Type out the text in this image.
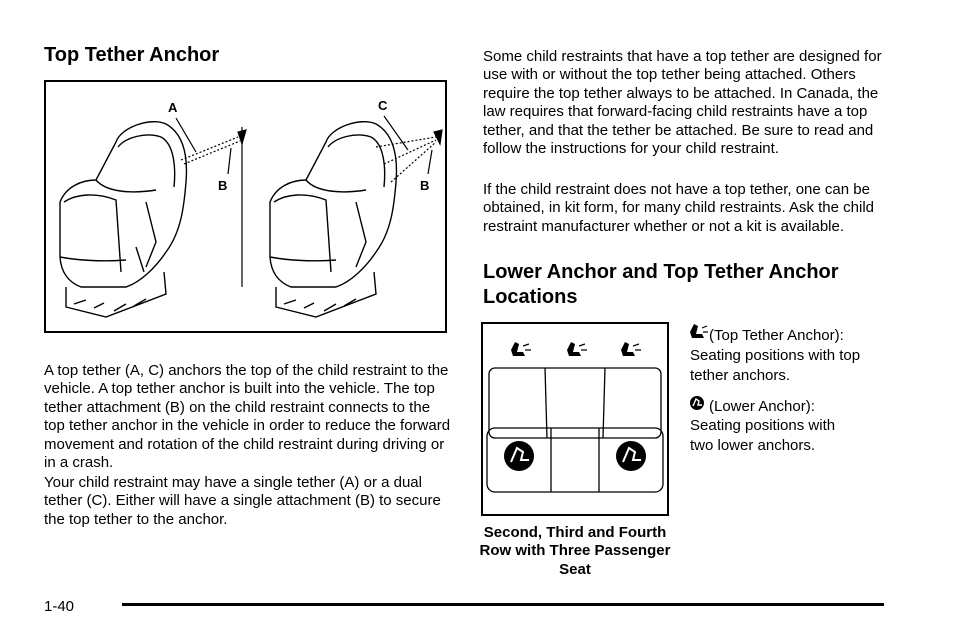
Top Tether Anchor
A
B
C
B

A top tether (A, C) anchors the top of the child restraint to the vehicle. A top tether anchor is built into the vehicle. The top tether attachment (B) on the child restraint connects to the top tether anchor in the vehicle in order to reduce the forward movement and rotation of the child restraint during driving or in a crash.

Your child restraint may have a single tether (A) or a dual tether (C). Either will have a single attachment (B) to secure the top tether to the anchor.

Some child restraints that have a top tether are designed for use with or without the top tether being attached. Others require the top tether always to be attached. In Canada, the law requires that forward-facing child restraints have a top tether, and that the tether be attached. Be sure to read and follow the instructions for your child restraint.

If the child restraint does not have a top tether, one can be obtained, in kit form, for many child restraints. Ask the child restraint manufacturer whether or not a kit is available.

Lower Anchor and Top Tether Anchor Locations

Second, Third and Fourth Row with Three Passenger Seat

(Top Tether Anchor):

Seating positions with top tether anchors.

(Lower Anchor):

Seating positions with two lower anchors.

1-40
